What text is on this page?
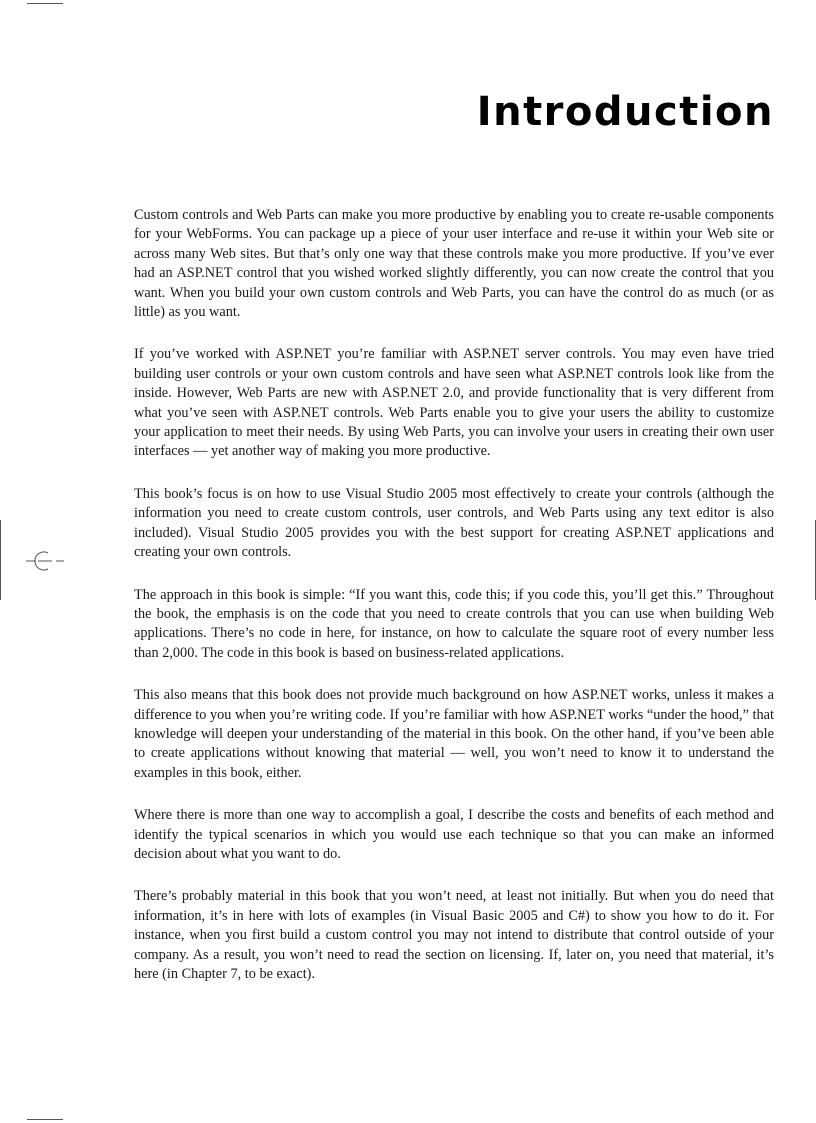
Introduction

Custom controls and Web Parts can make you more productive by enabling you to create re-usable components for your WebForms. You can package up a piece of your user interface and re-use it within your Web site or across many Web sites. But that’s only one way that these controls make you more productive. If you’ve ever had an ASP.NET control that you wished worked slightly differently, you can now create the control that you want. When you build your own custom controls and Web Parts, you can have the control do as much (or as little) as you want.

If you’ve worked with ASP.NET you’re familiar with ASP.NET server controls. You may even have tried building user controls or your own custom controls and have seen what ASP.NET controls look like from the inside. However, Web Parts are new with ASP.NET 2.0, and provide functionality that is very different from what you’ve seen with ASP.NET controls. Web Parts enable you to give your users the ability to customize your application to meet their needs. By using Web Parts, you can involve your users in creating their own user interfaces — yet another way of making you more productive.

This book’s focus is on how to use Visual Studio 2005 most effectively to create your controls (although the information you need to create custom controls, user controls, and Web Parts using any text editor is also included). Visual Studio 2005 provides you with the best support for creating ASP.NET applications and creating your own controls.

The approach in this book is simple: “If you want this, code this; if you code this, you’ll get this.” Throughout the book, the emphasis is on the code that you need to create controls that you can use when building Web applications. There’s no code in here, for instance, on how to calculate the square root of every number less than 2,000. The code in this book is based on business-related applications.

This also means that this book does not provide much background on how ASP.NET works, unless it makes a difference to you when you’re writing code. If you’re familiar with how ASP.NET works “under the hood,” that knowledge will deepen your understanding of the material in this book. On the other hand, if you’ve been able to create applications without knowing that material — well, you won’t need to know it to understand the examples in this book, either.

Where there is more than one way to accomplish a goal, I describe the costs and benefits of each method and identify the typical scenarios in which you would use each technique so that you can make an informed decision about what you want to do.

There’s probably material in this book that you won’t need, at least not initially. But when you do need that information, it’s in here with lots of examples (in Visual Basic 2005 and C#) to show you how to do it. For instance, when you first build a custom control you may not intend to distribute that control outside of your company. As a result, you won’t need to read the section on licensing. If, later on, you need that material, it’s here (in Chapter 7, to be exact).
